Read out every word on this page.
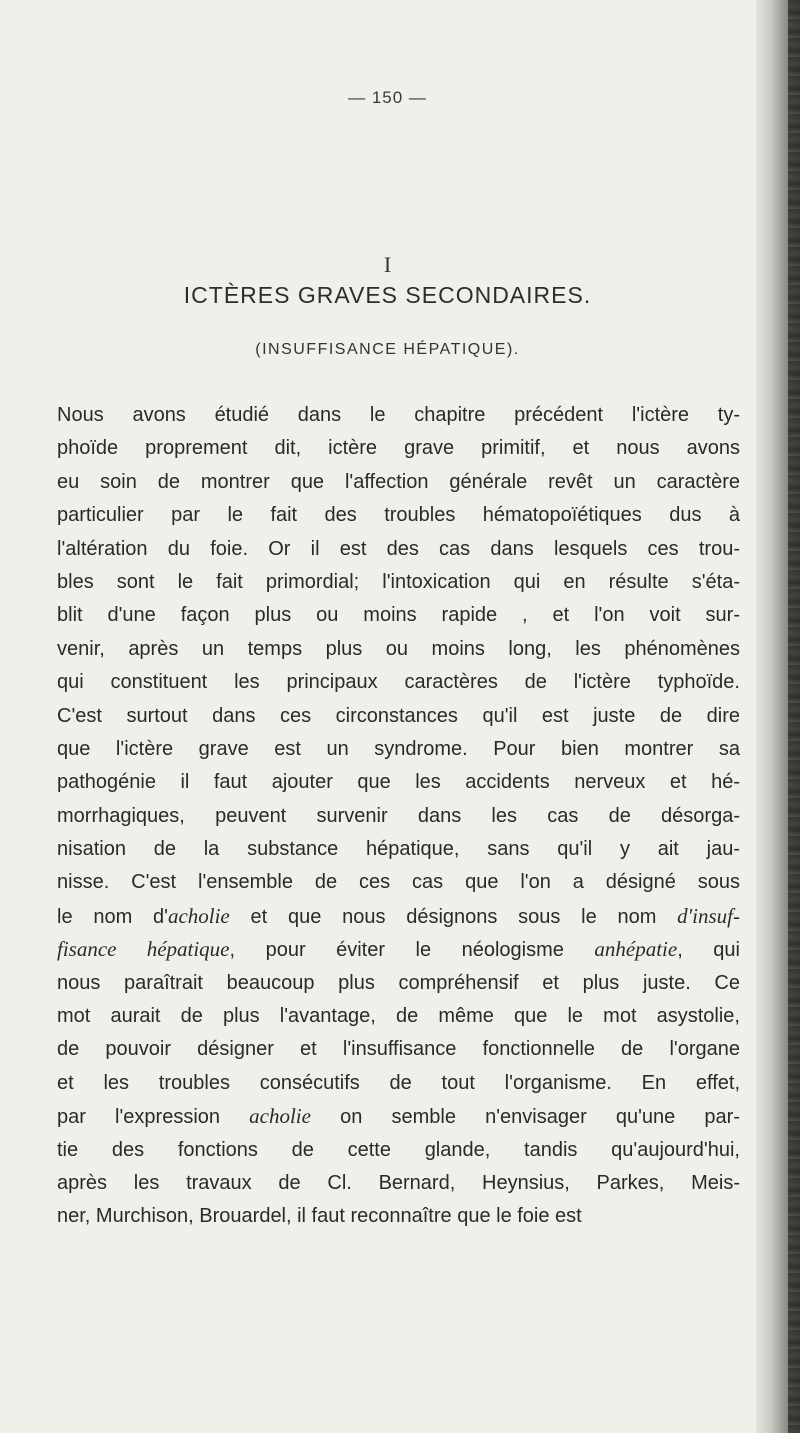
— 150 —
I
ICTÈRES GRAVES SECONDAIRES.
(INSUFFISANCE HÉPATIQUE).
Nous avons étudié dans le chapitre précédent l'ictère ty-
phoïde proprement dit, ictère grave primitif, et nous avons
eu soin de montrer que l'affection générale revêt un caractère
particulier par le fait des troubles hématopoïétiques dus à
l'altération du foie. Or il est des cas dans lesquels ces trou-
bles sont le fait primordial; l'intoxication qui en résulte s'éta-
blit d'une façon plus ou moins rapide , et l'on voit sur-
venir, après un temps plus ou moins long, les phénomènes
qui constituent les principaux caractères de l'ictère typhoïde.
C'est surtout dans ces circonstances qu'il est juste de dire
que l'ictère grave est un syndrome. Pour bien montrer sa
pathogénie il faut ajouter que les accidents nerveux et hé-
morrhagiques, peuvent survenir dans les cas de désorga-
nisation de la substance hépatique, sans qu'il y ait jau-
nisse. C'est l'ensemble de ces cas que l'on a désigné sous
le nom d'acholie et que nous désignons sous le nom d'insuf-
fisance hépatique, pour éviter le néologisme anhépatie, qui
nous paraîtrait beaucoup plus compréhensif et plus juste. Ce
mot aurait de plus l'avantage, de même que le mot asystolie,
de pouvoir désigner et l'insuffisance fonctionnelle de l'organe
et les troubles consécutifs de tout l'organisme. En effet,
par l'expression acholie on semble n'envisager qu'une par-
tie des fonctions de cette glande, tandis qu'aujourd'hui,
après les travaux de Cl. Bernard, Heynsius, Parkes, Meis-
ner, Murchison, Brouardel, il faut reconnaître que le foie est
